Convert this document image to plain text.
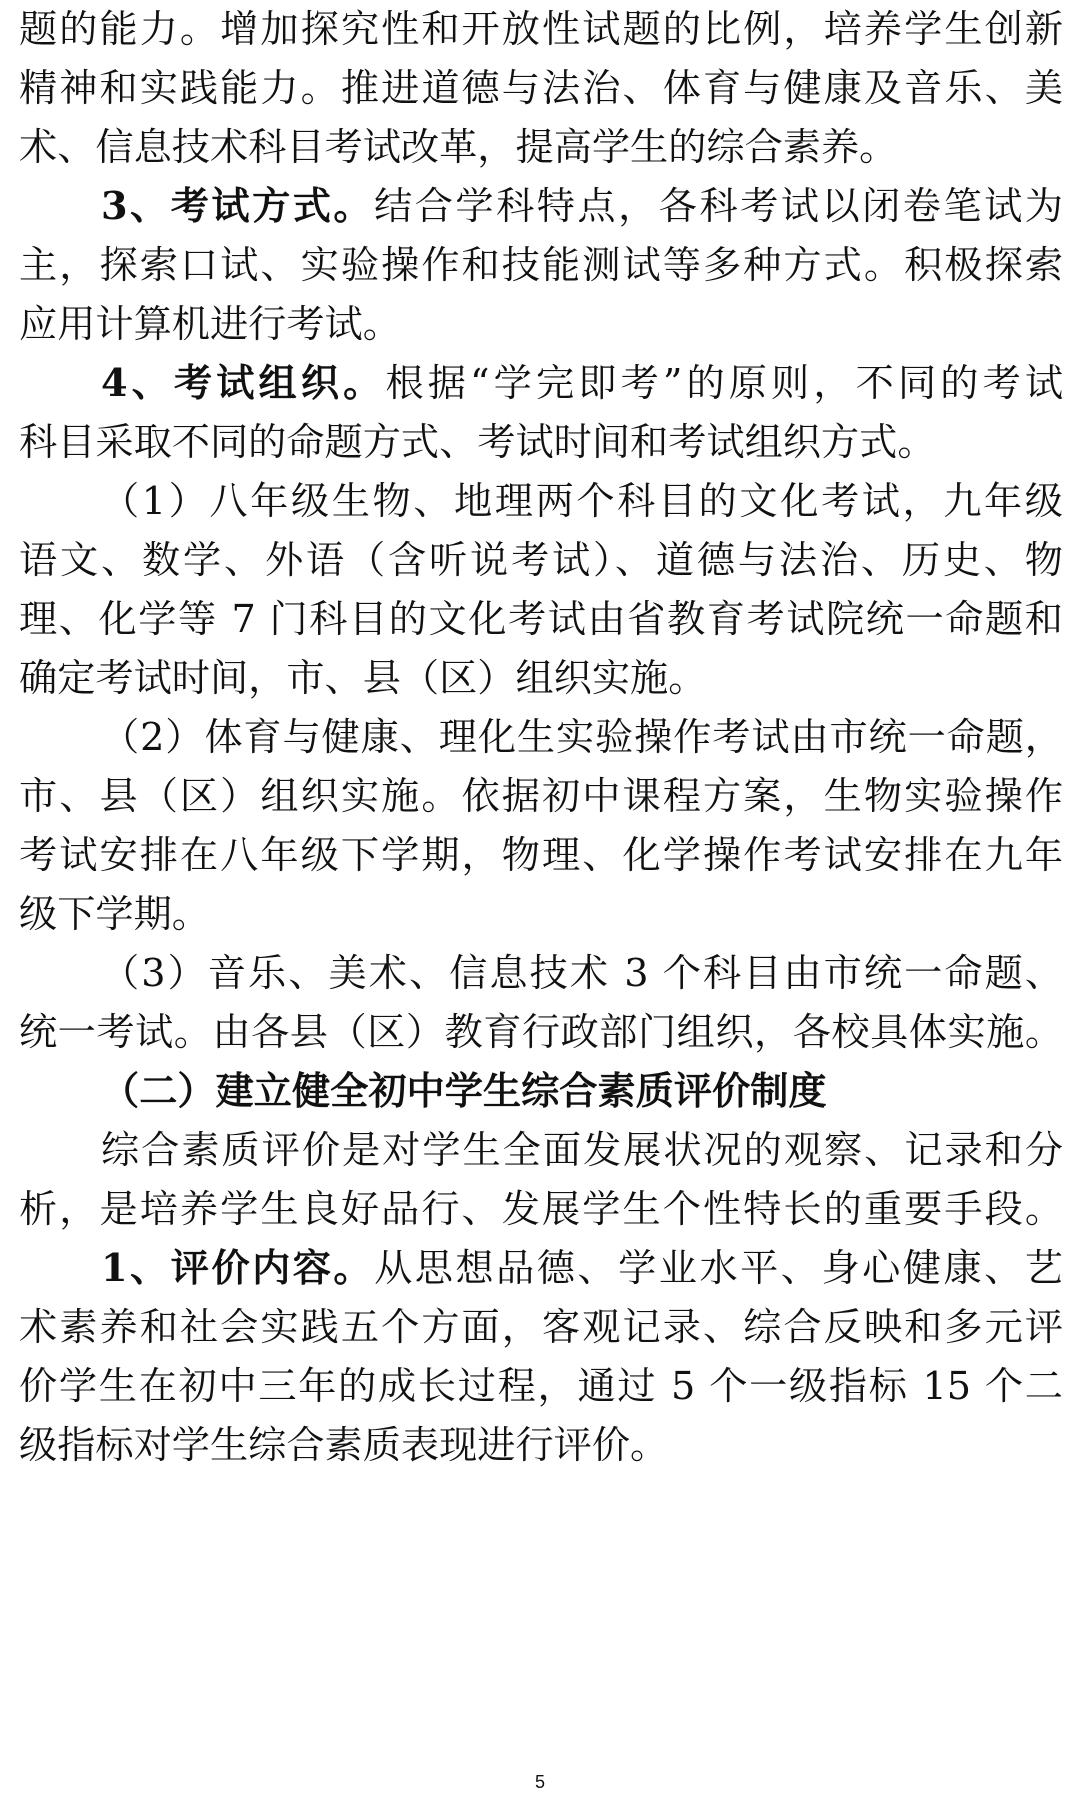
题的能力。增加探究性和开放性试题的比例，培养学生创新
精神和实践能力。推进道德与法治、体育与健康及音乐、美
术、信息技术科目考试改革，提高学生的综合素养。
3、考试方式。结合学科特点，各科考试以闭卷笔试为
主，探索口试、实验操作和技能测试等多种方式。积极探索
应用计算机进行考试。
4、考试组织。根据“学完即考”的原则，不同的考试
科目采取不同的命题方式、考试时间和考试组织方式。
（1）八年级生物、地理两个科目的文化考试，九年级
语文、数学、外语（含听说考试）、道德与法治、历史、物
理、化学等 7 门科目的文化考试由省教育考试院统一命题和
确定考试时间，市、县（区）组织实施。
（2）体育与健康、理化生实验操作考试由市统一命题，
市、县（区）组织实施。依据初中课程方案，生物实验操作
考试安排在八年级下学期，物理、化学操作考试安排在九年
级下学期。
（3）音乐、美术、信息技术 3 个科目由市统一命题、
统一考试。由各县（区）教育行政部门组织，各校具体实施。
（二）建立健全初中学生综合素质评价制度
综合素质评价是对学生全面发展状况的观察、记录和分
析，是培养学生良好品行、发展学生个性特长的重要手段。
1、评价内容。从思想品德、学业水平、身心健康、艺
术素养和社会实践五个方面，客观记录、综合反映和多元评
价学生在初中三年的成长过程，通过 5 个一级指标 15 个二
级指标对学生综合素质表现进行评价。
5
